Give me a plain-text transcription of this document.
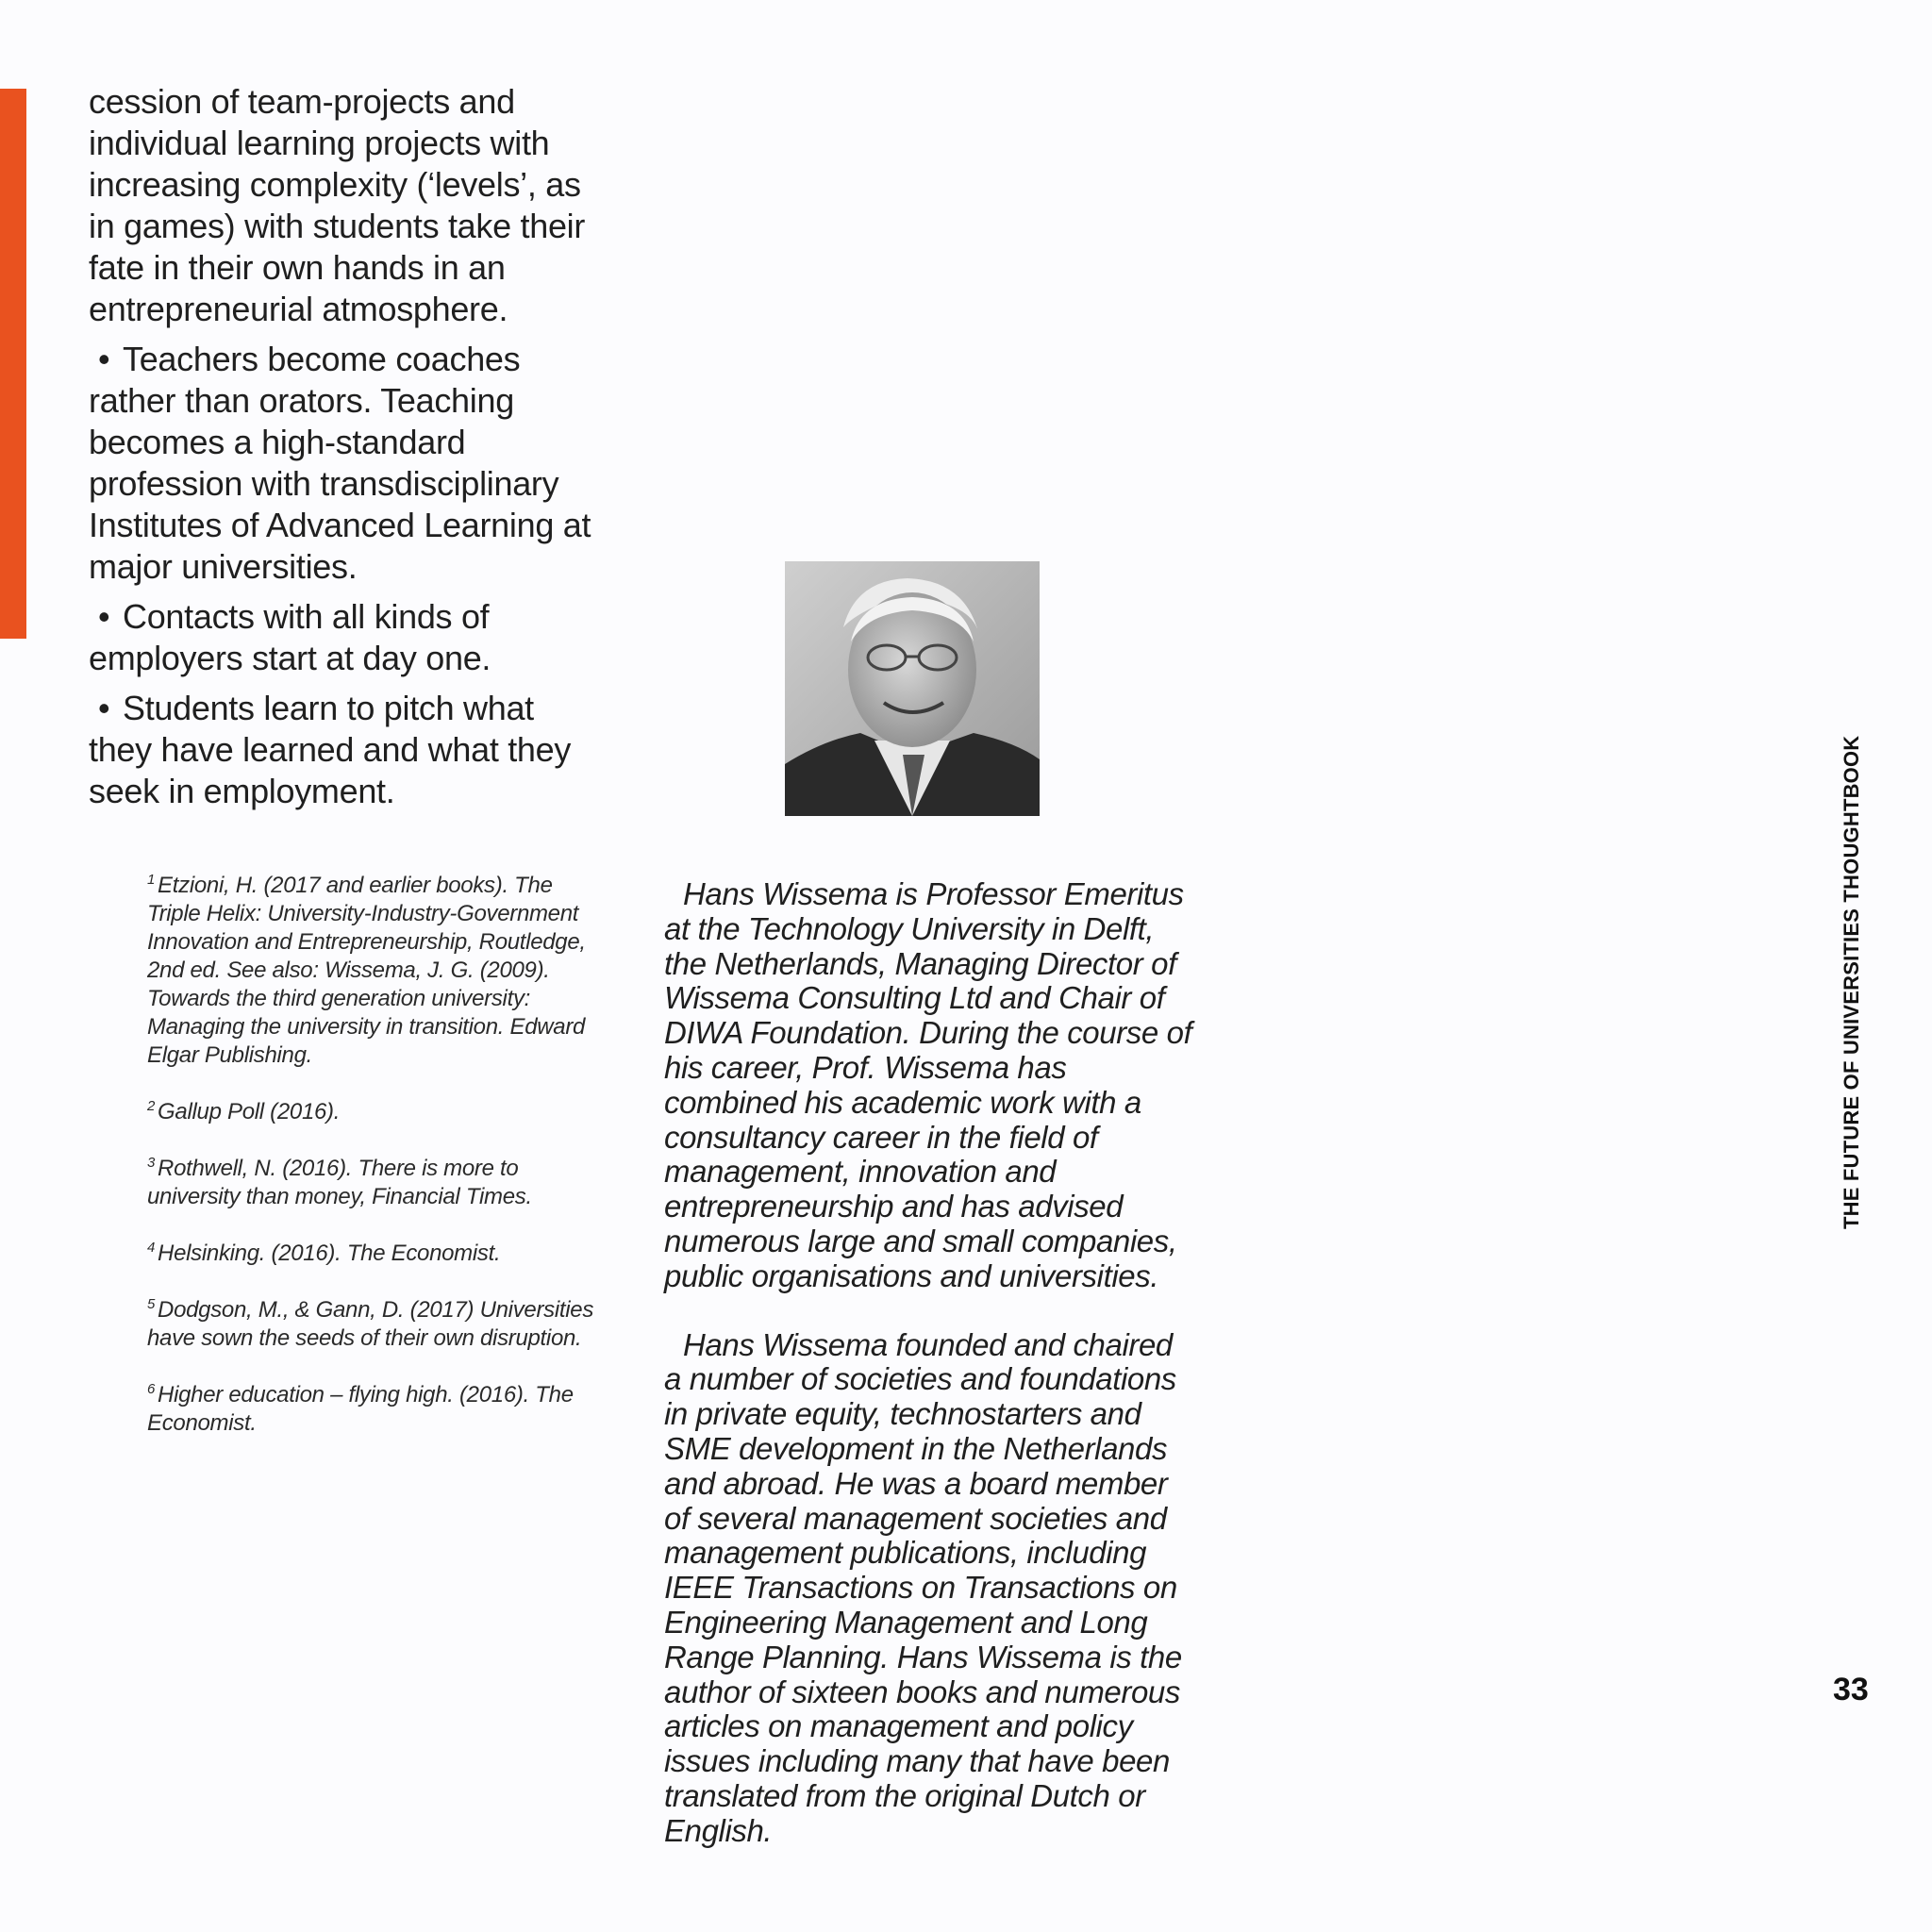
cession of team-projects and individual learning projects with increasing complexity (‘levels’, as in games) with students take their fate in their own hands in an entrepreneurial atmosphere.

• Teachers become coaches rather than orators. Teaching becomes a high-standard profession with transdisciplinary Institutes of Advanced Learning at major universities.

• Contacts with all kinds of employers start at day one.

• Students learn to pitch what they have learned and what they seek in employment.

$^1$ Etzioni, H. (2017 and earlier books). The Triple Helix: University-Industry-Government Innovation and Entrepreneurship, Routledge, 2nd ed. See also: Wissema, J. G. (2009). Towards the third generation university: Managing the university in transition. Edward Elgar Publishing.

$^2$ Gallup Poll (2016).

$^3$ Rothwell, N. (2016). There is more to university than money, Financial Times.

$^4$ Helsinking. (2016). The Economist.

$^5$ Dodgson, M., & Gann, D. (2017) Universities have sown the seeds of their own disruption.

$^6$ Higher education – flying high. (2016). The Economist.

Hans Wissema is Professor Emeritus at the Technology University in Delft, the Netherlands, Managing Director of Wissema Consulting Ltd and Chair of DIWA Foundation. During the course of his career, Prof. Wissema has combined his academic work with a consultancy career in the field of management, innovation and entrepreneurship and has advised numerous large and small companies, public organisations and universities.

Hans Wissema founded and chaired a number of societies and foundations in private equity, technostarters and SME development in the Netherlands and abroad. He was a board member of several management societies and management publications, including IEEE Transactions on Transactions on Engineering Management and Long Range Planning. Hans Wissema is the author of sixteen books and numerous articles on management and policy issues including many that have been translated from the original Dutch or English.

THE FUTURE OF UNIVERSITIES THOUGHTBOOK
33
